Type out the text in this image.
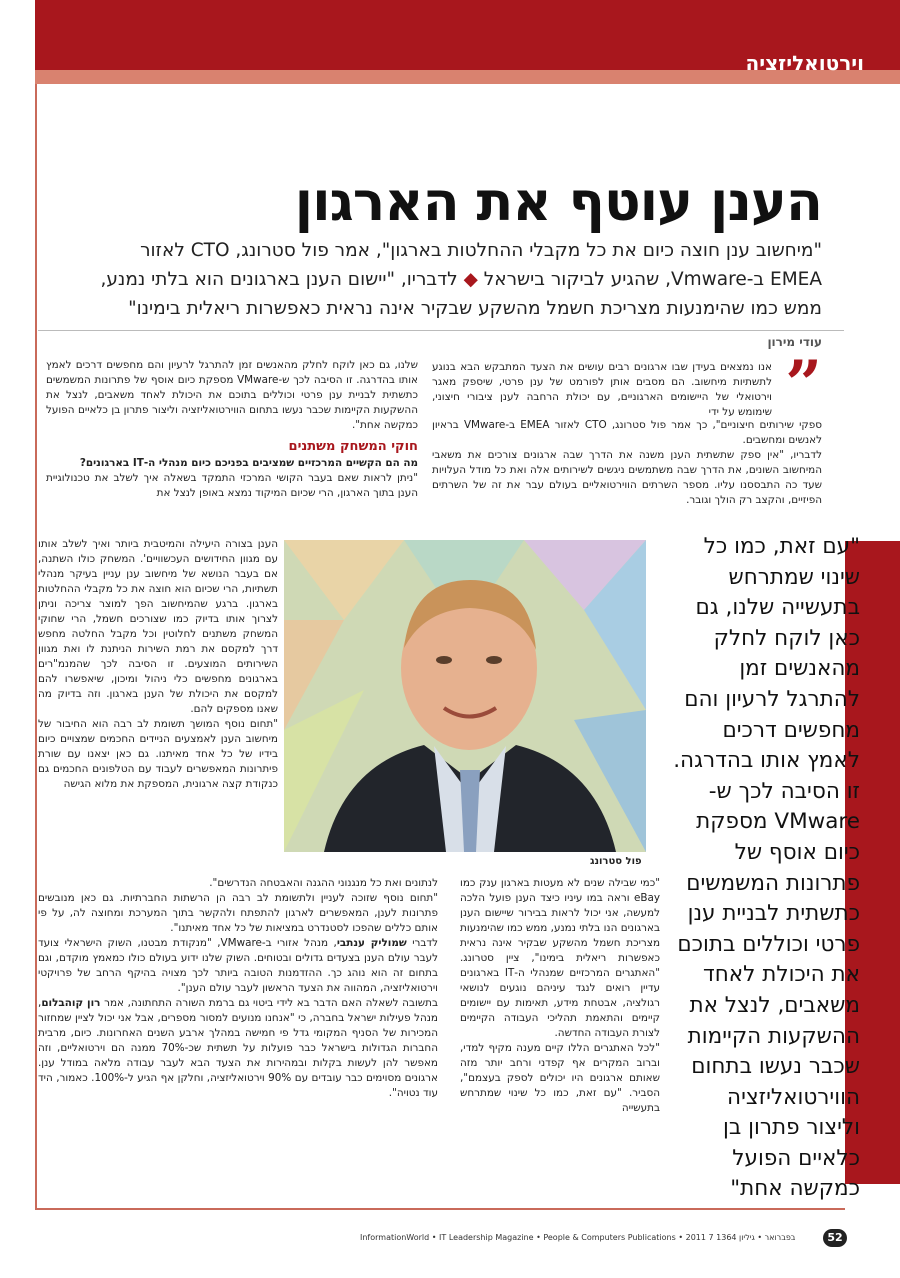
וירטואליזציה
הענן עוטף את הארגון
"מיחשוב ענן חוצה כיום את כל מקבלי ההחלטות בארגון", אמר פול סטרונג, CTO לאזור
EMEA ב-Vmware, שהגיע לביקור בישראל ◆ לדבריו, "יישום הענן בארגונים הוא בלתי נמנע,
ממש כמו שהימנעות מצריכת חשמל מהשקע שבקיר אינה נראית כאפשרות ריאלית בימינו"
עודי מירון
”
אנו נמצאים בעידן שבו ארגונים רבים עושים את הצעד המתבקש הבא בנוגע לתשתיות מיחשוב. הם מסבים אותן לפורמט של ענן פרטי, שיספק מאגר וירטואלי של היישומים הארגוניים, עם יכולת הרחבה לענן ציבורי חיצוני, שימומש על ידי

ספקי שירותים חיצוניים", כך אמר פול סטרונג, CTO לאזור EMEA ב-VMware בראיון לאנשים ומחשבים.

לדבריו, "אין ספק שתשתית הענן משנה את הדרך שבה ארגונים צורכים את משאבי המיחשוב השונים, את הדרך שבה משתמשים ניגשים לשירותים אלה ואת כל מודל העלויות שעד כה התבססנו עליו. מספר השרתים הווירטואליים בעולם עבר את זה של השרתים הפיזיים, והקצב רק הולך וגובר.

שלנו, גם כאן לוקח לחלק מהאנשים זמן להתרגל לרעיון והם מחפשים דרכים לאמץ אותו בהדרגה. זו הסיבה לכך ש-VMware מספקת כיום אוסף של פתרונות המשמשים כתשתית לבניית ענן פרטי וכוללים בתוכם את היכולת לאחד משאבים, לנצל את ההשקעות הקיימות שכבר נעשו בתחום הווירטואליזציה וליצור פתרון בן כלאיים הפועל כמקשה אחת".

חוקי המשחק משתנים

מה הם הקשיים המרכזיים שמציבים בפניכם כיום מנהלי ה-IT בארגונים?

"ניתן לראות שאם בעבר הקושי המרכזי התמקד בשאלה איך לשלב את טכנולוגיית הענן בתוך הארגון, הרי שכיום המיקוד נמצא באופן לנצל את

הענן בצורה היעילה והמיטבית ביותר ואיך לשלב אותו עם מגוון החידושים העכשוויים'. המשחק כולו השתנה, אם בעבר הנושא של מיחשוב ענן עניין בעיקר מנהלי תשתיות, הרי שכיום הוא חוצה את כל מקבלי ההחלטות בארגון. ברגע שהמיחשוב הפך למוצר צריכה וניתן לצרוך אותו בדיוק כמו שצורכים חשמל, הרי שחוקי המשחק משתנים לחלוטין וכל מקבל החלטה מחפש דרך למקסם את רמת השירות הניתנת לו ואת מגוון השירותים המוצעים. זו הסיבה לכך שהמנמ"רים בארגונים מחפשים כלי ניהול ומיכון, שיאפשרו להם למקסם את היכולת של הענן בארגון. וזה בדיוק מה שאנו מספקים להם.

"תחום נוסף המושך תשומת לב רבה הוא החיבור של מיחשוב הענן לאמצעים הניידים החכמים שמצויים כיום בידיו של כל אחד מאיתנו. גם כאן יצאנו עם שורת פיתרונות המאפשרים לעבוד עם הטלפונים החכמים גם כנקודת קצה ארגונית, המספקת את מלוא הגישה

פול סטרונג
"עם זאת, כמו כל שינוי שמתרחש בתעשייה שלנו, גם כאן לוקח לחלק מהאנשים זמן להתרגל לרעיון והם מחפשים דרכים לאמץ אותו בהדרגה. זו הסיבה לכך ש-VMware מספקת כיום אוסף של פתרונות המשמשים כתשתית לבניית ענן פרטי וכוללים בתוכם את היכולת לאחד משאבים, לנצל את ההשקעות הקיימות שכבר נעשו בתחום הווירטואליזציה וליצור פתרון בן כלאיים הפועל כמקשה אחת"

לנתונים ואת כל מנגנוני ההגנה והאבטחה הנדרשים".

"תחום נוסף שזוכה לעניין ולתשומת לב רבה הן הרשתות החברתיות. גם כאן מנובשים פתרונות לענן, המאפשרים לארגון להתפתח ולהקשר בתוך המערכת ומחוצה לה, על פי אותם כללים שהפכו לסטנדרט במציאות של כל אחד מאיתנו".

לדברי שמוליק ענתבי, מנהל אזורי ב-VMware, "מנקודת מבטנו, השוק הישראלי צועד לעבר עולם הענן בצעדים גדולים ובטוחים. השוק שלנו ידוע בעולם כולו כמאמץ מוקדם, וגם בתחום זה הוא נוהג כך. ההזדמנות הטובה ביותר לכך מצויה בהיקף הרחב של פרויקטי וירטואליזציה, המהווה את הצעד הראשון לעבר עולם הענן".

בתשובה לשאלה האם הדבר בא לידי ביטוי גם ברמת השורה התחתונה, אמר רון קוהבלום, מנהל פעילות ישראל בחברה, כי "אנחנו מנועים למסור מספרים, אבל אני יכול לציין שמחזור המכירות של הסניף המקומי גדל פי חמישה במהלך ארבע השנים האחרונות. כיום, מרבית החברות הגדולות בישראל כבר פועלות על תשתית שכ-70% ממנה הם וירטואליים, וזה מאפשר להן לעשות בקלות ובמהירות את הצעד הבא לעבר עבודה מלאה במודל ענן. ארגונים מסוימים כבר עובדים עם 90% וירטואליזציה, וחלקן אף הגיע ל-100%. כאמור, היד עוד נטויה".

"כמי שבילה שנים לא מעטות בארגון ענק כמו eBay וראה במו עיניו כיצד הענן פועל הלכה למעשה, אני יכול לראות בבירור שיישום הענן בארגונים הנו בלתי נמנע, ממש כמו שהימנעות מצריכת חשמל מהשקע שבקיר אינה נראית כאפשרות ריאלית בימינו", ציין סטרונג. "האתגרים המרכזיים שמנהלי ה-IT בארגונים עדיין רואים לנגד עיניהם נוגעים לנושאי רגולציה, אבטחת מידע, תאימות עם יישומים קיימים והתאמת תהליכי העבודה הקיימים לצורת העבודה החדשה.

"לכל האתגרים הללו קיים מענה מקיף למדי, וברוב המקרים אף קפדני ורחב יותר מזה שאותם ארגונים היו יכולים לספק בעצמם", הסביר. "עם זאת, כמו כל שינוי שמתרחש בתעשייה

InformationWorld • IT Leadership Magazine • People & Computers Publications • 2011 7 בפברואר • גיליון 1364	52
